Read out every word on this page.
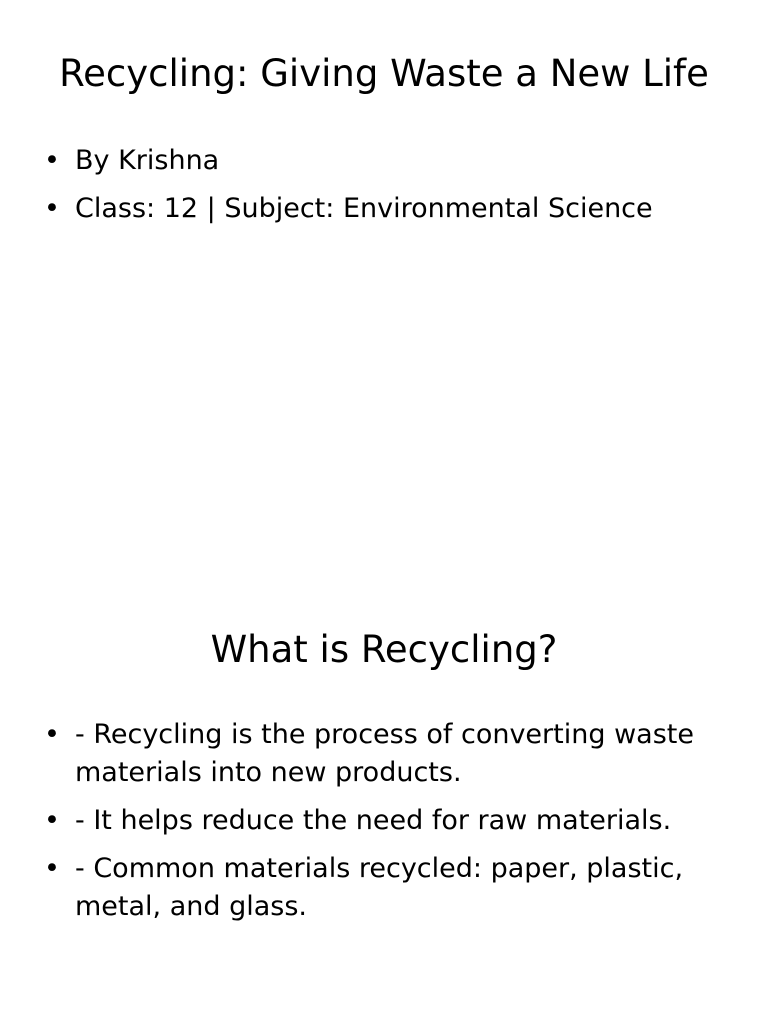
Recycling: Giving Waste a New Life
• By Krishna
• Class: 12 | Subject: Environmental Science
What is Recycling?
• - Recycling is the process of converting waste materials into new products.
• - It helps reduce the need for raw materials.
• - Common materials recycled: paper, plastic, metal, and glass.
